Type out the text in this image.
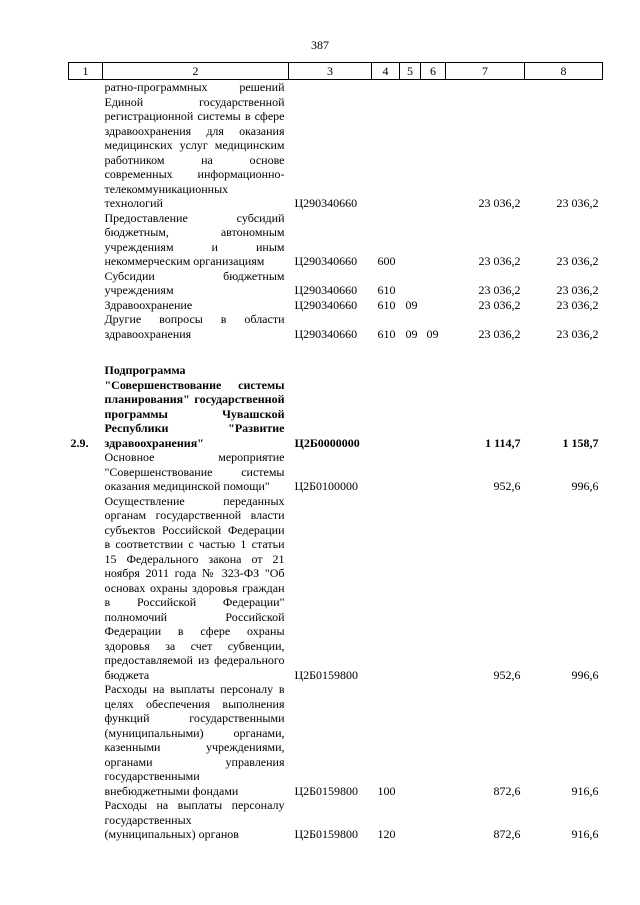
387
1	2	3	4	5	6	7	8
	ратно-программных решений Единой государственной регистрационной системы в сфере здравоохранения для оказания медицинских услуг медицинским работником на основе современных информационно-телекоммуникационных технологий	Ц290340660				23 036,2	23 036,2
	Предоставление субсидий бюджетным, автономным учреждениям и иным некоммерческим организациям	Ц290340660	600			23 036,2	23 036,2
	Субсидии бюджетным учреждениям	Ц290340660	610			23 036,2	23 036,2
	Здравоохранение	Ц290340660	610	09		23 036,2	23 036,2
	Другие вопросы в области здравоохранения	Ц290340660	610	09	09	23 036,2	23 036,2

2.9.	Подпрограмма "Совершенствование системы планирования" государственной программы Чувашской Республики "Развитие здравоохранения"	Ц2Б0000000				1 114,7	1 158,7
	Основное мероприятие "Совершенствование системы оказания медицинской помощи"	Ц2Б0100000				952,6	996,6
	Осуществление переданных органам государственной власти субъектов Российской Федерации в соответствии с частью 1 статьи 15 Федерального закона от 21 ноября 2011 года № 323-ФЗ "Об основах охраны здоровья граждан в Российской Федерации" полномочий Российской Федерации в сфере охраны здоровья за счет субвенции, предоставляемой из федерального бюджета	Ц2Б0159800				952,6	996,6
	Расходы на выплаты персоналу в целях обеспечения выполнения функций государственными (муниципальными) органами, казенными учреждениями, органами управления государственными внебюджетными фондами	Ц2Б0159800	100			872,6	916,6
	Расходы на выплаты персоналу государственных (муниципальных) органов	Ц2Б0159800	120			872,6	916,6
